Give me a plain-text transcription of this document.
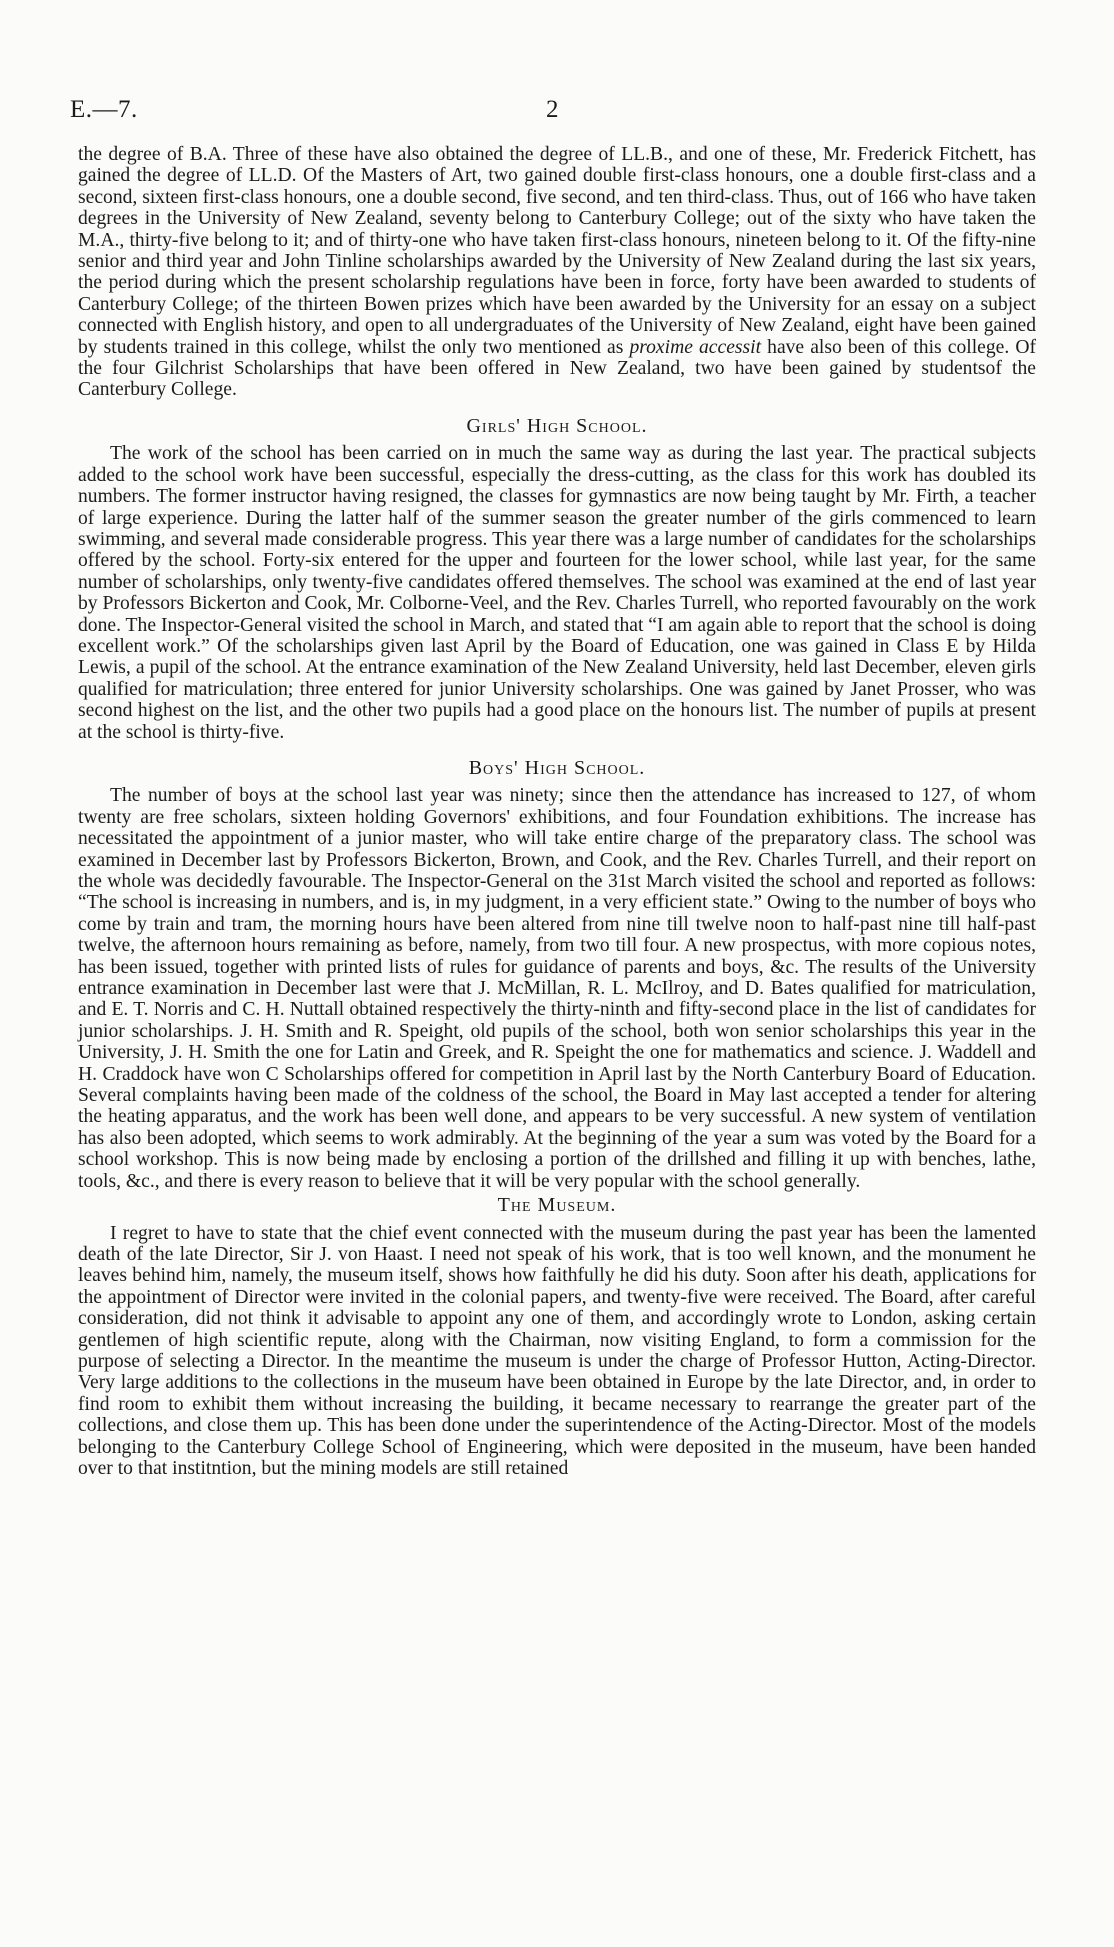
E.—7.	2

the degree of B.A. Three of these have also obtained the degree of LL.B., and one of these, Mr. Frederick Fitchett, has gained the degree of LL.D. Of the Masters of Art, two gained double first-class honours, one a double first-class and a second, sixteen first-class honours, one a double second, five second, and ten third-class. Thus, out of 166 who have taken degrees in the University of New Zealand, seventy belong to Canterbury College; out of the sixty who have taken the M.A., thirty-five belong to it; and of thirty-one who have taken first-class honours, nineteen belong to it. Of the fifty-nine senior and third year and John Tinline scholarships awarded by the University of New Zealand during the last six years, the period during which the present scholarship regulations have been in force, forty have been awarded to students of Canterbury College; of the thirteen Bowen prizes which have been awarded by the University for an essay on a subject connected with English history, and open to all undergraduates of the University of New Zealand, eight have been gained by students trained in this college, whilst the only two mentioned as proxime accessit have also been of this college. Of the four Gilchrist Scholarships that have been offered in New Zealand, two have been gained by studentsof the Canterbury College.

Girls' High School.

The work of the school has been carried on in much the same way as during the last year. The practical subjects added to the school work have been successful, especially the dress-cutting, as the class for this work has doubled its numbers. The former instructor having resigned, the classes for gymnastics are now being taught by Mr. Firth, a teacher of large experience. During the latter half of the summer season the greater number of the girls commenced to learn swimming, and several made considerable progress. This year there was a large number of candidates for the scholarships offered by the school. Forty-six entered for the upper and fourteen for the lower school, while last year, for the same number of scholarships, only twenty-five candidates offered themselves. The school was examined at the end of last year by Professors Bickerton and Cook, Mr. Colborne-Veel, and the Rev. Charles Turrell, who reported favourably on the work done. The Inspector-General visited the school in March, and stated that “I am again able to report that the school is doing excellent work.” Of the scholarships given last April by the Board of Education, one was gained in Class E by Hilda Lewis, a pupil of the school. At the entrance examination of the New Zealand University, held last December, eleven girls qualified for matriculation; three entered for junior University scholarships. One was gained by Janet Prosser, who was second highest on the list, and the other two pupils had a good place on the honours list. The number of pupils at present at the school is thirty-five.

Boys' High School.

The number of boys at the school last year was ninety; since then the attendance has increased to 127, of whom twenty are free scholars, sixteen holding Governors' exhibitions, and four Foundation exhibitions. The increase has necessitated the appointment of a junior master, who will take entire charge of the preparatory class. The school was examined in December last by Professors Bickerton, Brown, and Cook, and the Rev. Charles Turrell, and their report on the whole was decidedly favourable. The Inspector-General on the 31st March visited the school and reported as follows: “The school is increasing in numbers, and is, in my judgment, in a very efficient state.” Owing to the number of boys who come by train and tram, the morning hours have been altered from nine till twelve noon to half-past nine till half-past twelve, the afternoon hours remaining as before, namely, from two till four. A new prospectus, with more copious notes, has been issued, together with printed lists of rules for guidance of parents and boys, &c. The results of the University entrance examination in December last were that J. McMillan, R. L. McIlroy, and D. Bates qualified for matriculation, and E. T. Norris and C. H. Nuttall obtained respectively the thirty-ninth and fifty-second place in the list of candidates for junior scholarships. J. H. Smith and R. Speight, old pupils of the school, both won senior scholarships this year in the University, J. H. Smith the one for Latin and Greek, and R. Speight the one for mathematics and science. J. Waddell and H. Craddock have won C Scholarships offered for competition in April last by the North Canterbury Board of Education. Several complaints having been made of the coldness of the school, the Board in May last accepted a tender for altering the heating apparatus, and the work has been well done, and appears to be very successful. A new system of ventilation has also been adopted, which seems to work admirably. At the beginning of the year a sum was voted by the Board for a school workshop. This is now being made by enclosing a portion of the drillshed and filling it up with benches, lathe, tools, &c., and there is every reason to believe that it will be very popular with the school generally.

The Museum.

I regret to have to state that the chief event connected with the museum during the past year has been the lamented death of the late Director, Sir J. von Haast. I need not speak of his work, that is too well known, and the monument he leaves behind him, namely, the museum itself, shows how faithfully he did his duty. Soon after his death, applications for the appointment of Director were invited in the colonial papers, and twenty-five were received. The Board, after careful consideration, did not think it advisable to appoint any one of them, and accordingly wrote to London, asking certain gentlemen of high scientific repute, along with the Chairman, now visiting England, to form a commission for the purpose of selecting a Director. In the meantime the museum is under the charge of Professor Hutton, Acting-Director. Very large additions to the collections in the museum have been obtained in Europe by the late Director, and, in order to find room to exhibit them without increasing the building, it became necessary to rearrange the greater part of the collections, and close them up. This has been done under the superintendence of the Acting-Director. Most of the models belonging to the Canterbury College School of Engineering, which were deposited in the museum, have been handed over to that institntion, but the mining models are still retained
